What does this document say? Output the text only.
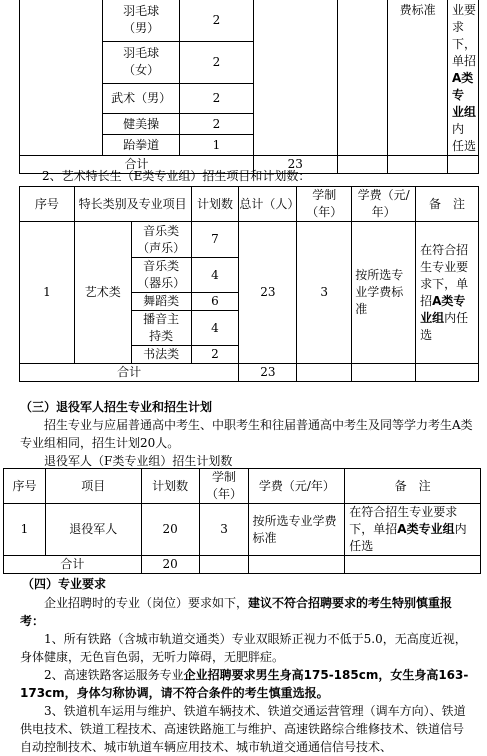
	羽毛球
（男）	2			费标准	业要求
下，单招A类专
业组内
任选
	羽毛球
（女）	2				
	武术（男）	2				
	健美操	2				
	跆拳道	1				
合计			23			
2、艺术特长生（E类专业组）招生项目和计划数：
序号	特长类别及专业项目		计划数	总计（人）	学制（年）	学费（元/年）	备　注
1	艺术类	音乐类
（声乐）	7	23	3	按所选专业学费标准	在符合招生专业要求下，单招A类专业组内任选
		音乐类
（器乐）	4				
		舞蹈类	6				
		播音主
持类	4				
		书法类	2				
合计				23			
（三）退役军人招生专业和招生计划
招生专业与应届普通高中考生、中职考生和往届普通高中考生及同等学力考生A类专业组相同，招生计划20人。
退役军人（F类专业组）招生计划数
序号	项目	计划数	学制（年）	学费（元/年）	备　注
1	退役军人	20	3	按所选专业学费标准	在符合招生专业要求下，单招A类专业组内任选
合计		20			
（四）专业要求
企业招聘时的专业（岗位）要求如下，建议不符合招聘要求的考生特别慎重报考：
1、所有铁路（含城市轨道交通类）专业双眼矫正视力不低于5.0，无高度近视，身体健康，无色盲色弱，无听力障碍，无肥胖症。
2、高速铁路客运服务专业企业招聘要求男生身高175-185cm，女生身高163-173cm，身体匀称协调，请不符合条件的考生慎重选报。
3、铁道机车运用与维护、铁道车辆技术、铁道交通运营管理（调车方向）、铁道供电技术、铁道工程技术、高速铁路施工与维护、高速铁路综合维修技术、铁道信号自动控制技术、城市轨道车辆应用技术、城市轨道交通通信信号技术、
